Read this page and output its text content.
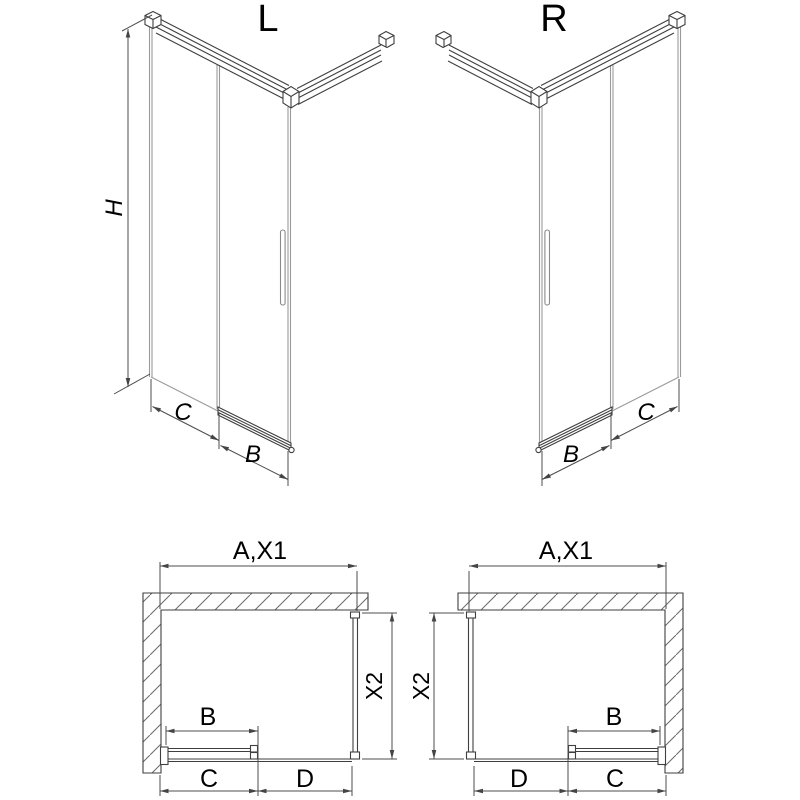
L
H
C
B
R
B
C
A,X1
X2
B
C	D
A,X1
X2
B
D	C
